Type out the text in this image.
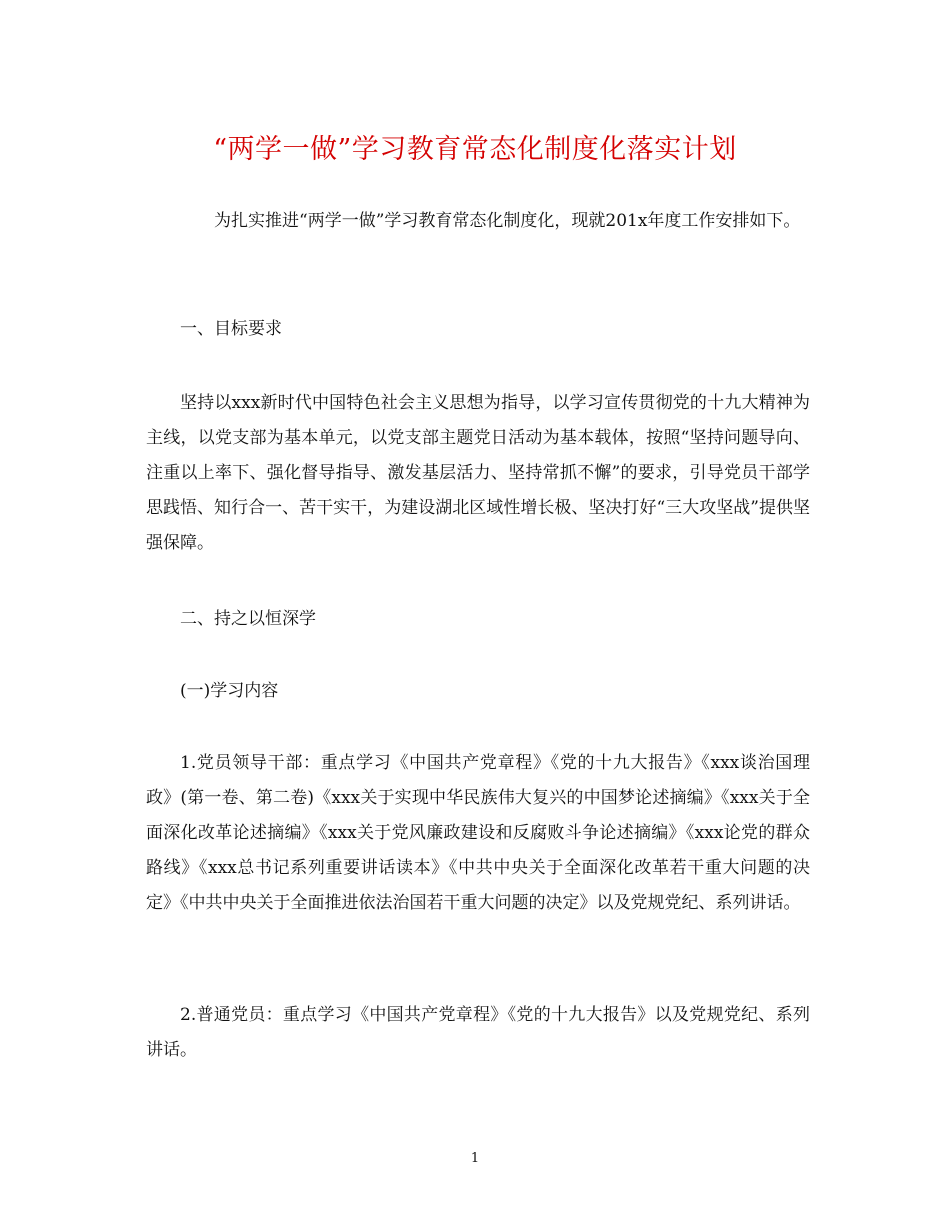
“两学一做”学习教育常态化制度化落实计划
为扎实推进“两学一做”学习教育常态化制度化，现就201x年度工作安排如下。
一、目标要求
坚持以xxx新时代中国特色社会主义思想为指导，以学习宣传贯彻党的十九大精神为主线，以党支部为基本单元，以党支部主题党日活动为基本载体，按照“坚持问题导向、注重以上率下、强化督导指导、激发基层活力、坚持常抓不懈”的要求，引导党员干部学思践悟、知行合一、苦干实干，为建设湖北区域性增长极、坚决打好“三大攻坚战”提供坚强保障。
二、持之以恒深学
(一)学习内容
1.党员领导干部：重点学习《中国共产党章程》《党的十九大报告》《xxx谈治国理政》(第一卷、第二卷)《xxx关于实现中华民族伟大复兴的中国梦论述摘编》《xxx关于全面深化改革论述摘编》《xxx关于党风廉政建设和反腐败斗争论述摘编》《xxx论党的群众路线》《xxx总书记系列重要讲话读本》《中共中央关于全面深化改革若干重大问题的决定》《中共中央关于全面推进依法治国若干重大问题的决定》以及党规党纪、系列讲话。
2.普通党员：重点学习《中国共产党章程》《党的十九大报告》以及党规党纪、系列讲话。
1
